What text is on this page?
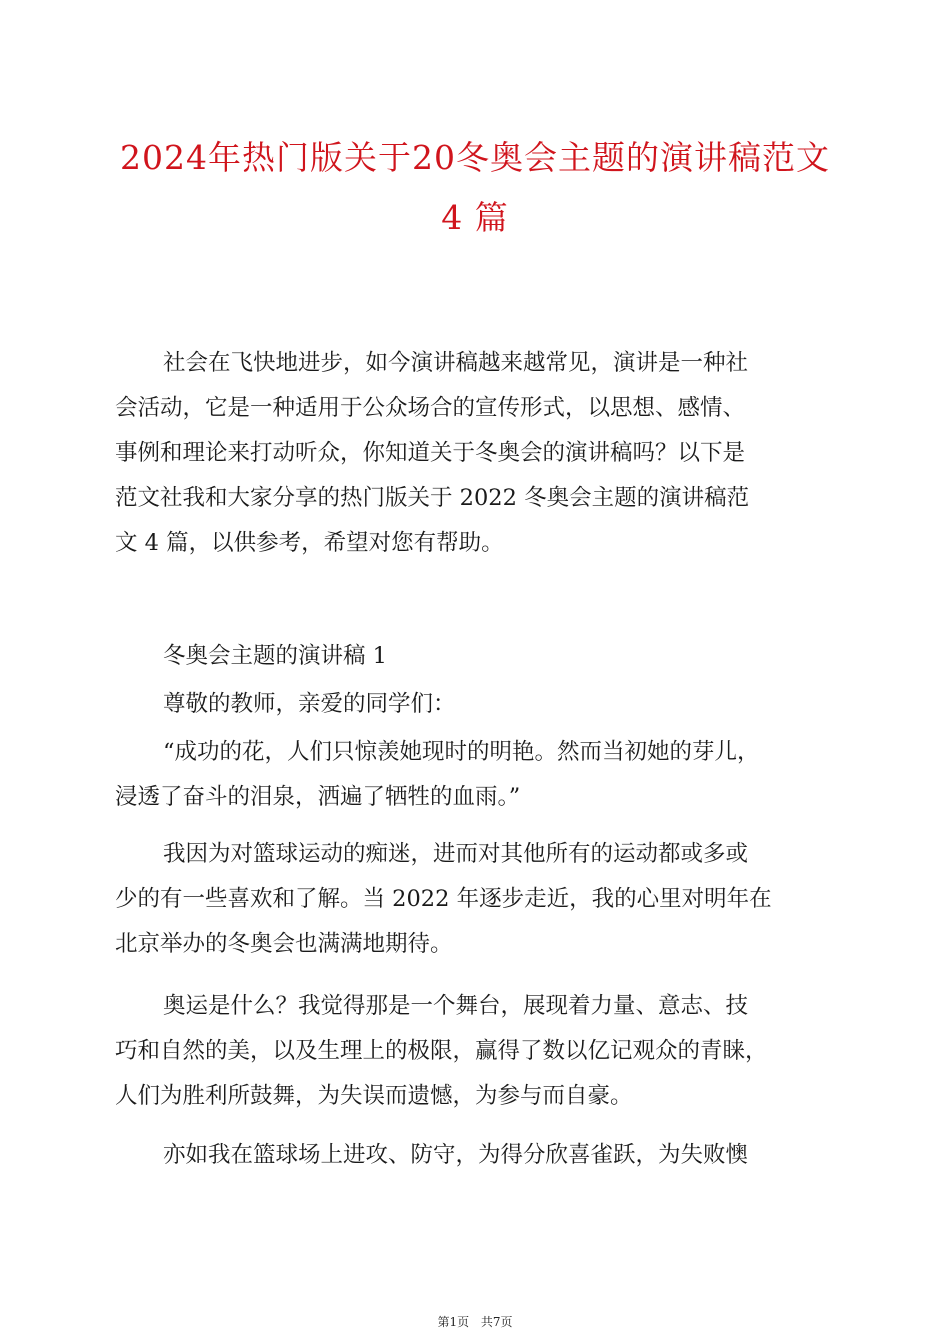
2024年热门版关于20冬奥会主题的演讲稿范文
4 篇

社会在飞快地进步，如今演讲稿越来越常见，演讲是一种社
会活动，它是一种适用于公众场合的宣传形式，以思想、感情、
事例和理论来打动听众，你知道关于冬奥会的演讲稿吗？以下是
范文社我和大家分享的热门版关于 2022 冬奥会主题的演讲稿范
文 4 篇，以供参考，希望对您有帮助。

冬奥会主题的演讲稿 1

尊敬的教师，亲爱的同学们：

“成功的花，人们只惊羡她现时的明艳。然而当初她的芽儿，
浸透了奋斗的泪泉，洒遍了牺牲的血雨。”

我因为对篮球运动的痴迷，进而对其他所有的运动都或多或
少的有一些喜欢和了解。当 2022 年逐步走近，我的心里对明年在
北京举办的冬奥会也满满地期待。

奥运是什么？我觉得那是一个舞台，展现着力量、意志、技
巧和自然的美，以及生理上的极限，赢得了数以亿记观众的青睐，
人们为胜利所鼓舞，为失误而遗憾，为参与而自豪。

亦如我在篮球场上进攻、防守，为得分欣喜雀跃，为失败懊

第1页 共7页
